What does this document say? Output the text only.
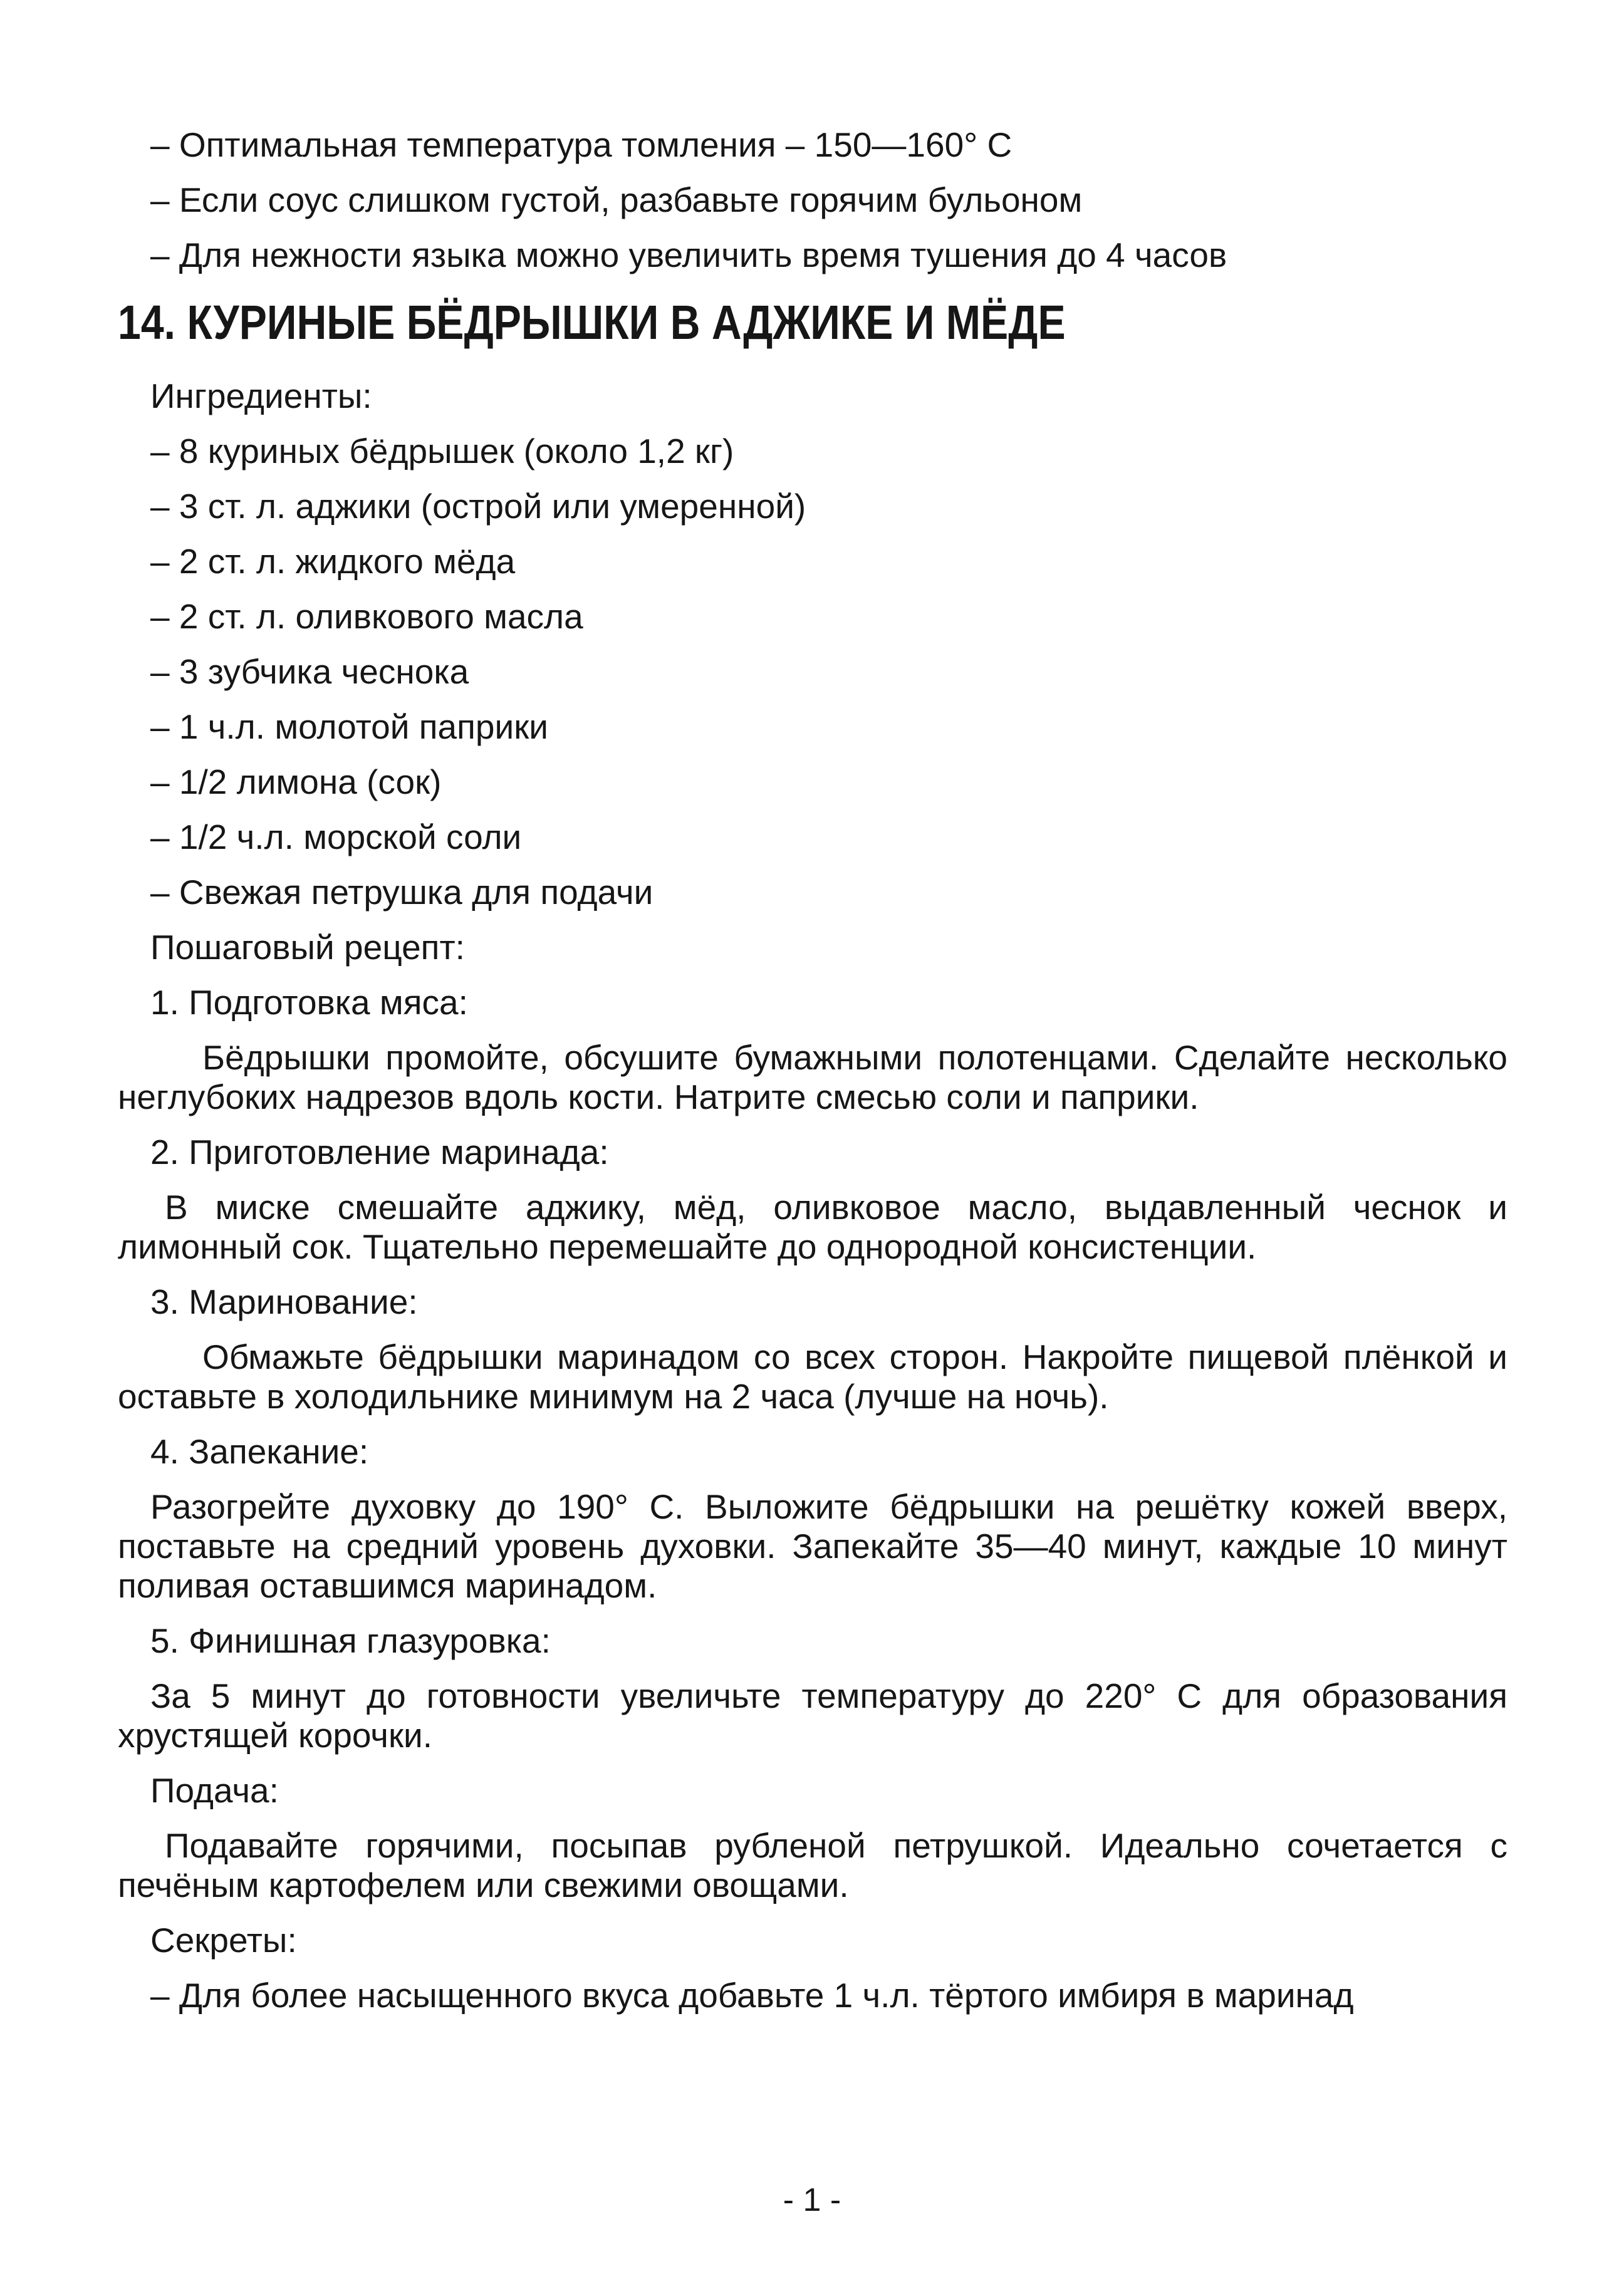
– Оптимальная температура томления – 150—160° C

– Если соус слишком густой, разбавьте горячим бульоном

– Для нежности языка можно увеличить время тушения до 4 часов

14. КУРИНЫЕ БЁДРЫШКИ В АДЖИКЕ И МЁДЕ

Ингредиенты:

– 8 куриных бёдрышек (около 1,2 кг)

– 3 ст. л. аджики (острой или умеренной)

– 2 ст. л. жидкого мёда

– 2 ст. л. оливкового масла

– 3 зубчика чеснока

– 1 ч.л. молотой паприки

– 1/2 лимона (сок)

– 1/2 ч.л. морской соли

– Свежая петрушка для подачи

Пошаговый рецепт:

1. Подготовка мяса:

Бёдрышки промойте, обсушите бумажными полотенцами. Сделайте несколько неглубоких надрезов вдоль кости. Натрите смесью соли и паприки.

2. Приготовление маринада:

В миске смешайте аджику, мёд, оливковое масло, выдавленный чеснок и лимонный сок. Тщательно перемешайте до однородной консистенции.

3. Маринование:

Обмажьте бёдрышки маринадом со всех сторон. Накройте пищевой плёнкой и оставьте в холодильнике минимум на 2 часа (лучше на ночь).

4. Запекание:

Разогрейте духовку до 190° C. Выложите бёдрышки на решётку кожей вверх, поставьте на средний уровень духовки. Запекайте 35—40 минут, каждые 10 минут поливая оставшимся маринадом.

5. Финишная глазуровка:

За 5 минут до готовности увеличьте температуру до 220° C для образования хрустящей корочки.

Подача:

Подавайте горячими, посыпав рубленой петрушкой. Идеально сочетается с печёным картофелем или свежими овощами.

Секреты:

– Для более насыщенного вкуса добавьте 1 ч.л. тёртого имбиря в маринад

- 1 -
